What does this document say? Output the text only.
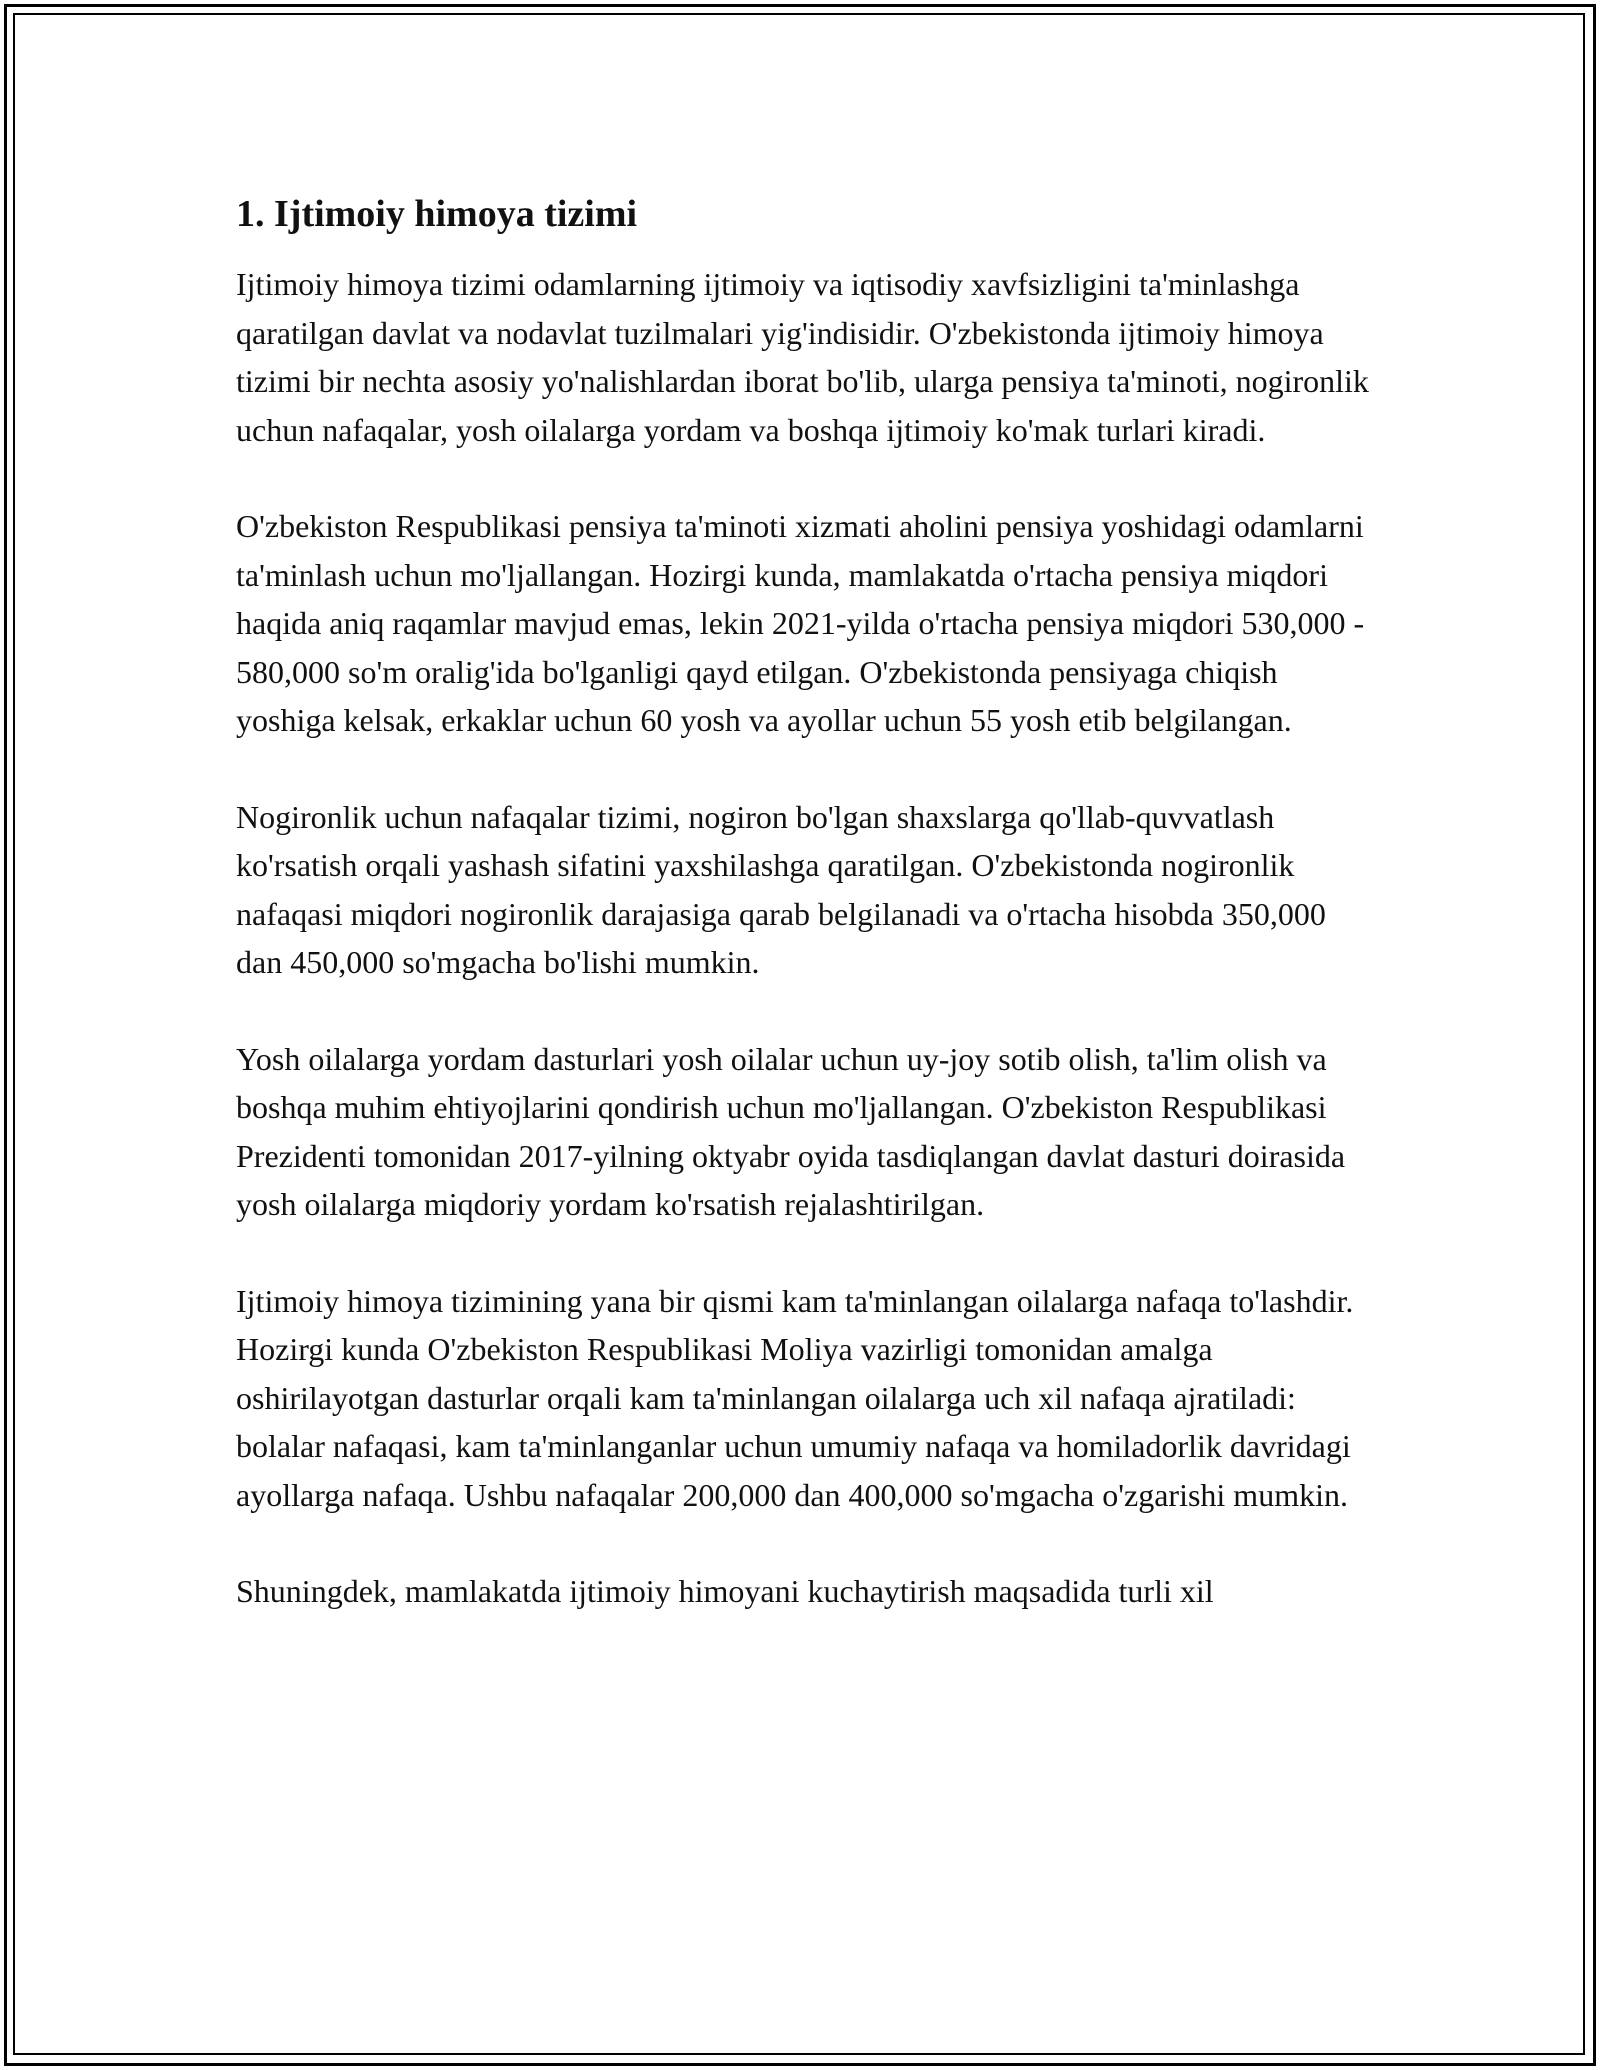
1. Ijtimoiy himoya tizimi

Ijtimoiy himoya tizimi odamlarning ijtimoiy va iqtisodiy xavfsizligini ta'minlashga qaratilgan davlat va nodavlat tuzilmalari yig'indisidir. O'zbekistonda ijtimoiy himoya tizimi bir nechta asosiy yo'nalishlardan iborat bo'lib, ularga pensiya ta'minoti, nogironlik uchun nafaqalar, yosh oilalarga yordam va boshqa ijtimoiy ko'mak turlari kiradi.

O'zbekiston Respublikasi pensiya ta'minoti xizmati aholini pensiya yoshidagi odamlarni ta'minlash uchun mo'ljallangan. Hozirgi kunda, mamlakatda o'rtacha pensiya miqdori haqida aniq raqamlar mavjud emas, lekin 2021-yilda o'rtacha pensiya miqdori 530,000 - 580,000 so'm oralig'ida bo'lganligi qayd etilgan. O'zbekistonda pensiyaga chiqish yoshiga kelsak, erkaklar uchun 60 yosh va ayollar uchun 55 yosh etib belgilangan.

Nogironlik uchun nafaqalar tizimi, nogiron bo'lgan shaxslarga qo'llab-quvvatlash ko'rsatish orqali yashash sifatini yaxshilashga qaratilgan. O'zbekistonda nogironlik nafaqasi miqdori nogironlik darajasiga qarab belgilanadi va o'rtacha hisobda 350,000 dan 450,000 so'mgacha bo'lishi mumkin.

Yosh oilalarga yordam dasturlari yosh oilalar uchun uy-joy sotib olish, ta'lim olish va boshqa muhim ehtiyojlarini qondirish uchun mo'ljallangan. O'zbekiston Respublikasi Prezidenti tomonidan 2017-yilning oktyabr oyida tasdiqlangan davlat dasturi doirasida yosh oilalarga miqdoriy yordam ko'rsatish rejalashtirilgan.

Ijtimoiy himoya tizimining yana bir qismi kam ta'minlangan oilalarga nafaqa to'lashdir. Hozirgi kunda O'zbekiston Respublikasi Moliya vazirligi tomonidan amalga oshirilayotgan dasturlar orqali kam ta'minlangan oilalarga uch xil nafaqa ajratiladi: bolalar nafaqasi, kam ta'minlanganlar uchun umumiy nafaqa va homiladorlik davridagi ayollarga nafaqa. Ushbu nafaqalar 200,000 dan 400,000 so'mgacha o'zgarishi mumkin.

Shuningdek, mamlakatda ijtimoiy himoyani kuchaytirish maqsadida turli xil
